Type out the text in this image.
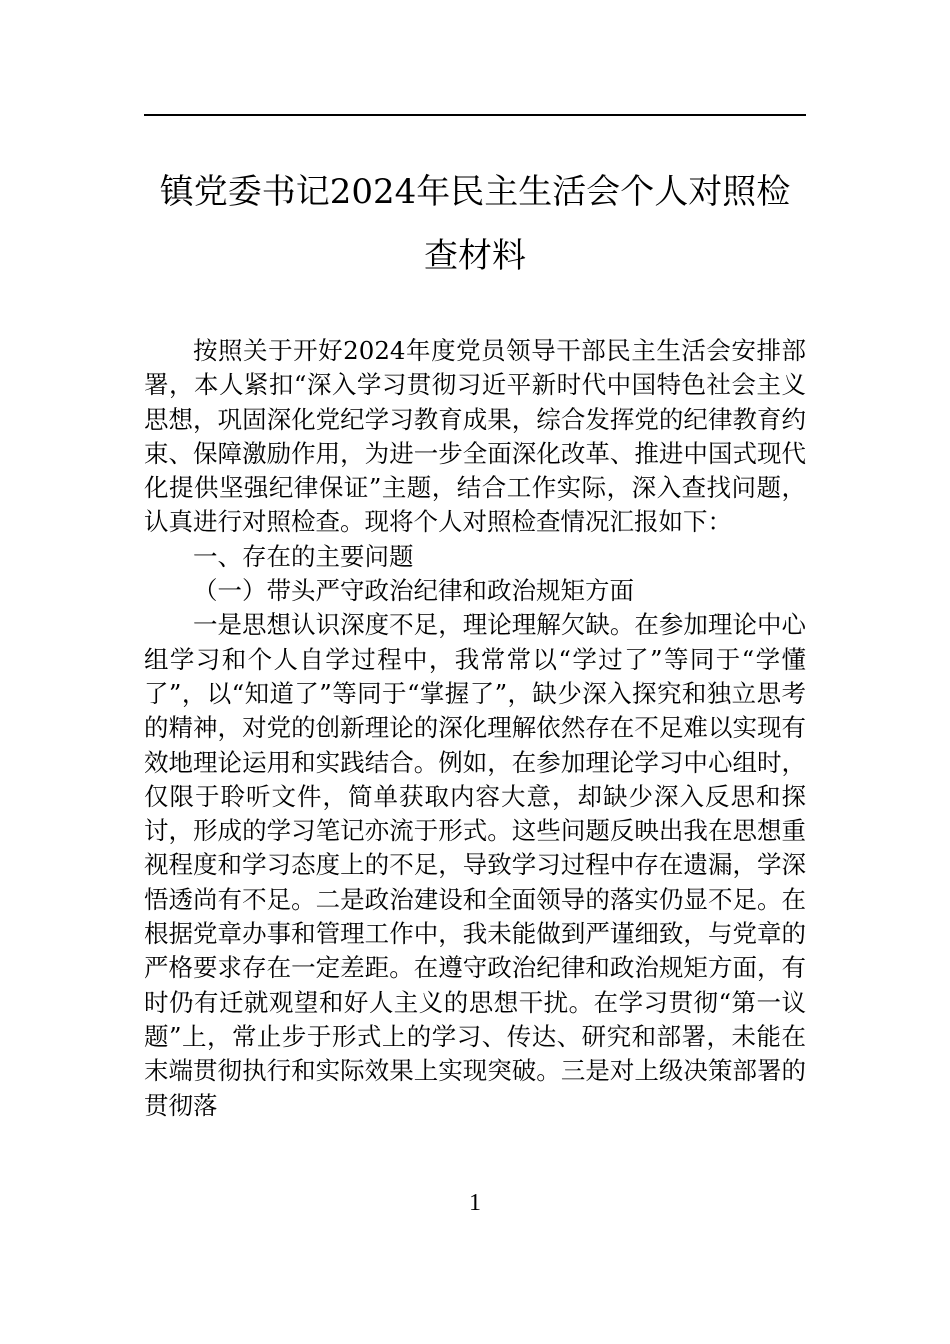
镇党委书记2024年民主生活会个人对照检查材料

按照关于开好2024年度党员领导干部民主生活会安排部署，本人紧扣“深入学习贯彻习近平新时代中国特色社会主义思想，巩固深化党纪学习教育成果，综合发挥党的纪律教育约束、保障激励作用，为进一步全面深化改革、推进中国式现代化提供坚强纪律保证”主题，结合工作实际，深入查找问题，认真进行对照检查。现将个人对照检查情况汇报如下：

一、存在的主要问题

（一）带头严守政治纪律和政治规矩方面

一是思想认识深度不足，理论理解欠缺。在参加理论中心组学习和个人自学过程中，我常常以“学过了”等同于“学懂了”，以“知道了”等同于“掌握了”，缺少深入探究和独立思考的精神，对党的创新理论的深化理解依然存在不足难以实现有效地理论运用和实践结合。例如，在参加理论学习中心组时，仅限于聆听文件，简单获取内容大意，却缺少深入反思和探讨，形成的学习笔记亦流于形式。这些问题反映出我在思想重视程度和学习态度上的不足，导致学习过程中存在遗漏，学深悟透尚有不足。二是政治建设和全面领导的落实仍显不足。在根据党章办事和管理工作中，我未能做到严谨细致，与党章的严格要求存在一定差距。在遵守政治纪律和政治规矩方面，有时仍有迁就观望和好人主义的思想干扰。在学习贯彻“第一议题”上，常止步于形式上的学习、传达、研究和部署，未能在末端贯彻执行和实际效果上实现突破。三是对上级决策部署的贯彻落

1
